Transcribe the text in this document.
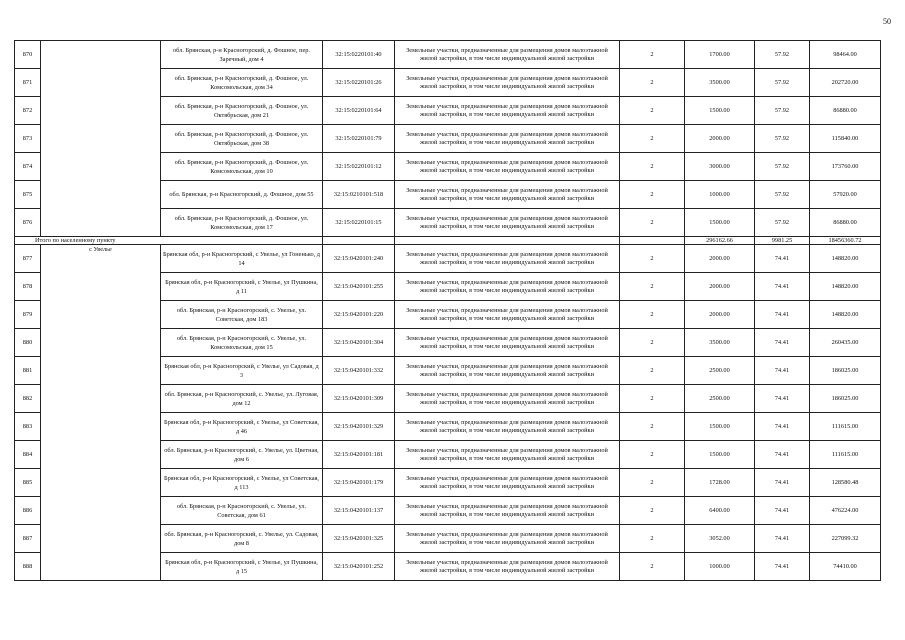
50
870		обл. Брянская, р-н Красногорский, д. Фошное, пер. Заречный, дом 4	32:15:0220101:40	Земельные участки, предназначенные для размещения домов малоэтажной жилой застройки, в том числе индивидуальной жилой застройки	2	1700.00	57.92	98464.00
871		обл. Брянская, р-н Красногорский, д. Фошное, ул. Комсомольская, дом 34	32:15:0220101:26	Земельные участки, предназначенные для размещения домов малоэтажной жилой застройки, в том числе индивидуальной жилой застройки	2	3500.00	57.92	202720.00
872		обл. Брянская, р-н Красногорский, д. Фошное, ул. Октябрьская, дом 21	32:15:0220101:64	Земельные участки, предназначенные для размещения домов малоэтажной жилой застройки, в том числе индивидуальной жилой застройки	2	1500.00	57.92	86880.00
873		обл. Брянская, р-н Красногорский, д. Фошное, ул. Октябрьская, дом 38	32:15:0220101:79	Земельные участки, предназначенные для размещения домов малоэтажной жилой застройки, в том числе индивидуальной жилой застройки	2	2000.00	57.92	115840.00
874		обл. Брянская, р-н Красногорский, д. Фошное, ул. Комсомольская, дом 10	32:15:0220101:12	Земельные участки, предназначенные для размещения домов малоэтажной жилой застройки, в том числе индивидуальной жилой застройки	2	3000.00	57.92	173760.00
875		обл. Брянская, р-н Красногорский, д. Фошное, дом 55	32:15:0210101:518	Земельные участки, предназначенные для размещения домов малоэтажной жилой застройки, в том числе индивидуальной жилой застройки	2	1000.00	57.92	57920.00
876		обл. Брянская, р-н Красногорский, д. Фошное, ул. Комсомольская, дом 17	32:15:0220101:15	Земельные участки, предназначенные для размещения домов малоэтажной жилой застройки, в том числе индивидуальной жилой застройки	2	1500.00	57.92	86880.00
Итого по населенному пункту						296162.66	9981.25	18456360.72
877	с Увелье	Брянская обл, р-н Красногорский, с Увелье, ул Гоненько, д 14	32:15:0420101:240	Земельные участки, предназначенные для размещения домов малоэтажной жилой застройки, в том числе индивидуальной жилой застройки	2	2000.00	74.41	148820.00
878		Брянская обл, р-н Красногорский, с Увелье, ул Пушкина, д 11	32:15:0420101:255	Земельные участки, предназначенные для размещения домов малоэтажной жилой застройки, в том числе индивидуальной жилой застройки	2	2000.00	74.41	148820.00
879		обл. Брянская, р-н Красногорский, с. Увелье, ул. Советская, дом 183	32:15:0420101:220	Земельные участки, предназначенные для размещения домов малоэтажной жилой застройки, в том числе индивидуальной жилой застройки	2	2000.00	74.41	148820.00
880		обл. Брянская, р-н Красногорский, с. Увелье, ул. Комсомольская, дом 15	32:15:0420101:304	Земельные участки, предназначенные для размещения домов малоэтажной жилой застройки, в том числе индивидуальной жилой застройки	2	3500.00	74.41	260435.00
881		Брянская обл, р-н Красногорский, с Увелье, ул Садовая, д 3	32:15:0420101:332	Земельные участки, предназначенные для размещения домов малоэтажной жилой застройки, в том числе индивидуальной жилой застройки	2	2500.00	74.41	186025.00
882		обл. Брянская, р-н Красногорский, с. Увелье, ул. Луговая, дом 12	32:15:0420101:309	Земельные участки, предназначенные для размещения домов малоэтажной жилой застройки, в том числе индивидуальной жилой застройки	2	2500.00	74.41	186025.00
883		Брянская обл, р-н Красногорский, с Увелье, ул Советская, д 46	32:15:0420101:329	Земельные участки, предназначенные для размещения домов малоэтажной жилой застройки, в том числе индивидуальной жилой застройки	2	1500.00	74.41	111615.00
884		обл. Брянская, р-н Красногорский, с. Увелье, ул. Цветная, дом 6	32:15:0420101:181	Земельные участки, предназначенные для размещения домов малоэтажной жилой застройки, в том числе индивидуальной жилой застройки	2	1500.00	74.41	111615.00
885		Брянская обл, р-н Красногорский, с Увелье, ул Советская, д 113	32:15:0420101:179	Земельные участки, предназначенные для размещения домов малоэтажной жилой застройки, в том числе индивидуальной жилой застройки	2	1728.00	74.41	128580.48
886		обл. Брянская, р-н Красногорский, с. Увелье, ул. Советская, дом 61	32:15:0420101:137	Земельные участки, предназначенные для размещения домов малоэтажной жилой застройки, в том числе индивидуальной жилой застройки	2	6400.00	74.41	476224.00
887		обл. Брянская, р-н Красногорский, с. Увелье, ул. Садовая, дом 8	32:15:0420101:325	Земельные участки, предназначенные для размещения домов малоэтажной жилой застройки, в том числе индивидуальной жилой застройки	2	3052.00	74.41	227099.32
888		Брянская обл, р-н Красногорский, с Увелье, ул Пушкина, д 15	32:15:0420101:252	Земельные участки, предназначенные для размещения домов малоэтажной жилой застройки, в том числе индивидуальной жилой застройки	2	1000.00	74.41	74410.00
